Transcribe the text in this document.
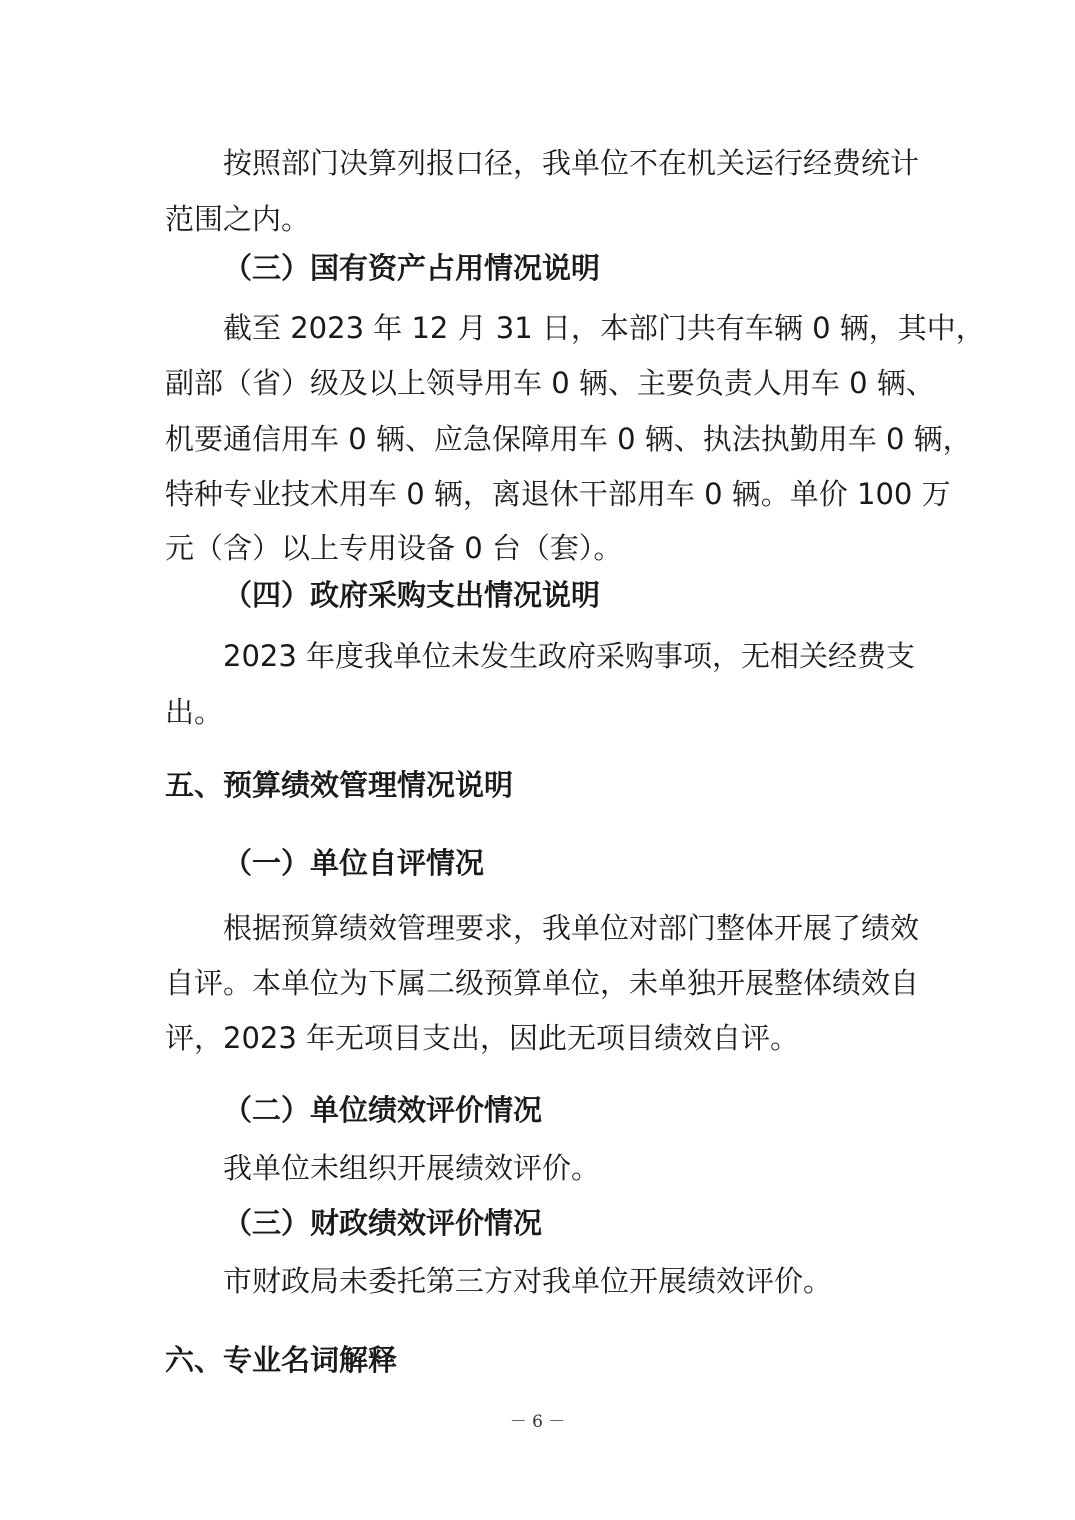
按照部门决算列报口径，我单位不在机关运行经费统计
范围之内。
（三）国有资产占用情况说明
截至 2023 年 12 月 31 日，本部门共有车辆 0 辆，其中，
副部（省）级及以上领导用车 0 辆、主要负责人用车 0 辆、
机要通信用车 0 辆、应急保障用车 0 辆、执法执勤用车 0 辆，
特种专业技术用车 0 辆，离退休干部用车 0 辆。单价 100 万
元（含）以上专用设备 0 台（套）。
（四）政府采购支出情况说明
2023 年度我单位未发生政府采购事项，无相关经费支
出。
五、预算绩效管理情况说明
（一）单位自评情况
根据预算绩效管理要求，我单位对部门整体开展了绩效
自评。本单位为下属二级预算单位，未单独开展整体绩效自
评，2023 年无项目支出，因此无项目绩效自评。
（二）单位绩效评价情况
我单位未组织开展绩效评价。
（三）财政绩效评价情况
市财政局未委托第三方对我单位开展绩效评价。
六、专业名词解释
－ 6 －
